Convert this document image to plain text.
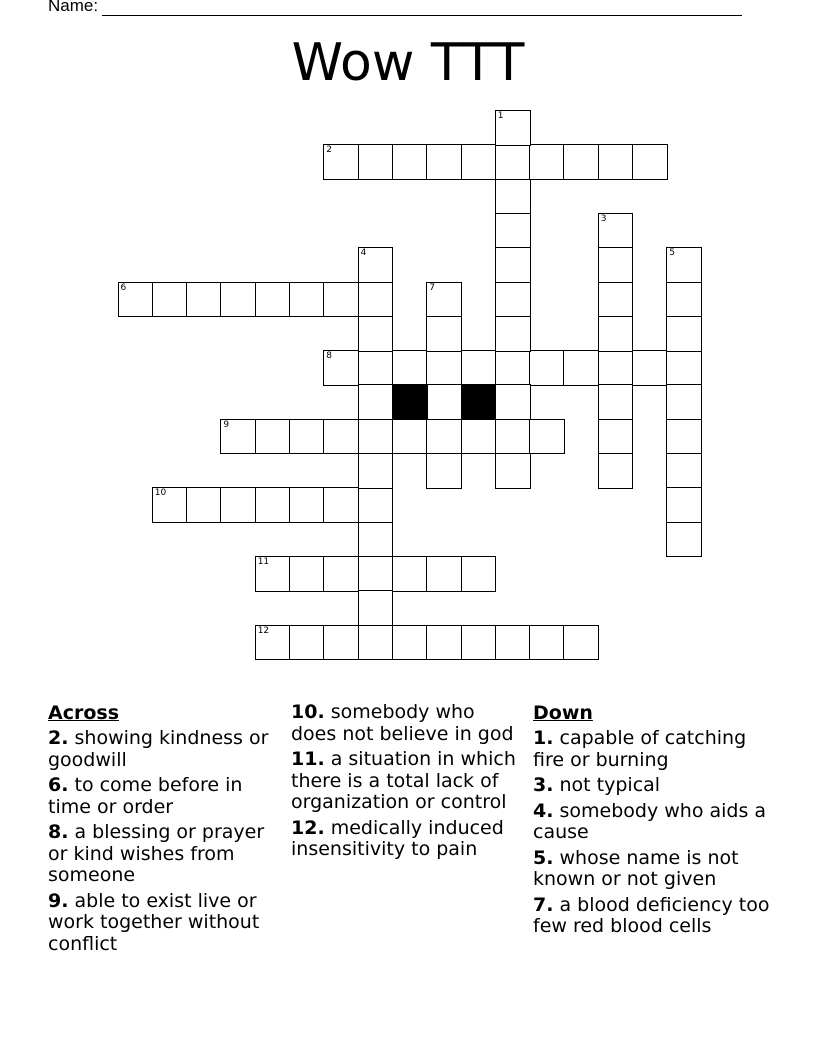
Name:
Wow TTT
2
6
8
9
10
11
12
1
3
4	5
7
Across
2. showing kindness or goodwill
6. to come before in time or order
8. a blessing or prayer or kind wishes from someone
9. able to exist live or work together without conflict
10. somebody who does not believe in god
11. a situation in which there is a total lack of organization or control
12. medically induced insensitivity to pain
Down
1. capable of catching fire or burning
3. not typical
4. somebody who aids a cause
5. whose name is not known or not given
7. a blood deficiency too few red blood cells
